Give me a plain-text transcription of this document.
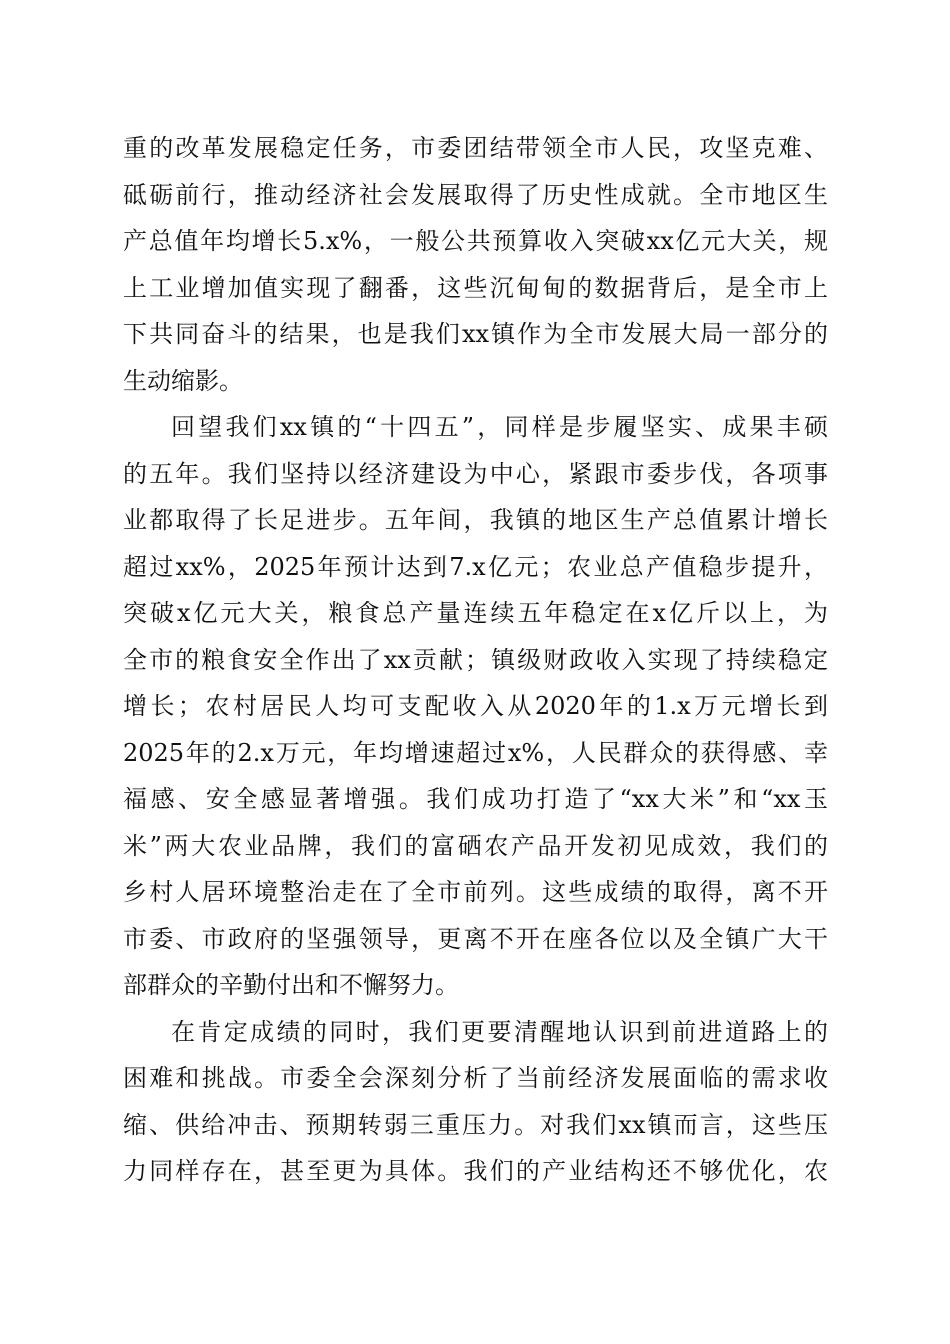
重的改革发展稳定任务，市委团结带领全市人民，攻坚克难、
砥砺前行，推动经济社会发展取得了历史性成就。全市地区生
产总值年均增长5.x%，一般公共预算收入突破xx亿元大关，规
上工业增加值实现了翻番，这些沉甸甸的数据背后，是全市上
下共同奋斗的结果，也是我们xx镇作为全市发展大局一部分的
生动缩影。
回望我们xx镇的“十四五”，同样是步履坚实、成果丰硕
的五年。我们坚持以经济建设为中心，紧跟市委步伐，各项事
业都取得了长足进步。五年间，我镇的地区生产总值累计增长
超过xx%，2025年预计达到7.x亿元；农业总产值稳步提升，
突破x亿元大关，粮食总产量连续五年稳定在x亿斤以上，为
全市的粮食安全作出了xx贡献；镇级财政收入实现了持续稳定
增长；农村居民人均可支配收入从2020年的1.x万元增长到
2025年的2.x万元，年均增速超过x%，人民群众的获得感、幸
福感、安全感显著增强。我们成功打造了“xx大米”和“xx玉
米”两大农业品牌，我们的富硒农产品开发初见成效，我们的
乡村人居环境整治走在了全市前列。这些成绩的取得，离不开
市委、市政府的坚强领导，更离不开在座各位以及全镇广大干
部群众的辛勤付出和不懈努力。
在肯定成绩的同时，我们更要清醒地认识到前进道路上的
困难和挑战。市委全会深刻分析了当前经济发展面临的需求收
缩、供给冲击、预期转弱三重压力。对我们xx镇而言，这些压
力同样存在，甚至更为具体。我们的产业结构还不够优化，农
